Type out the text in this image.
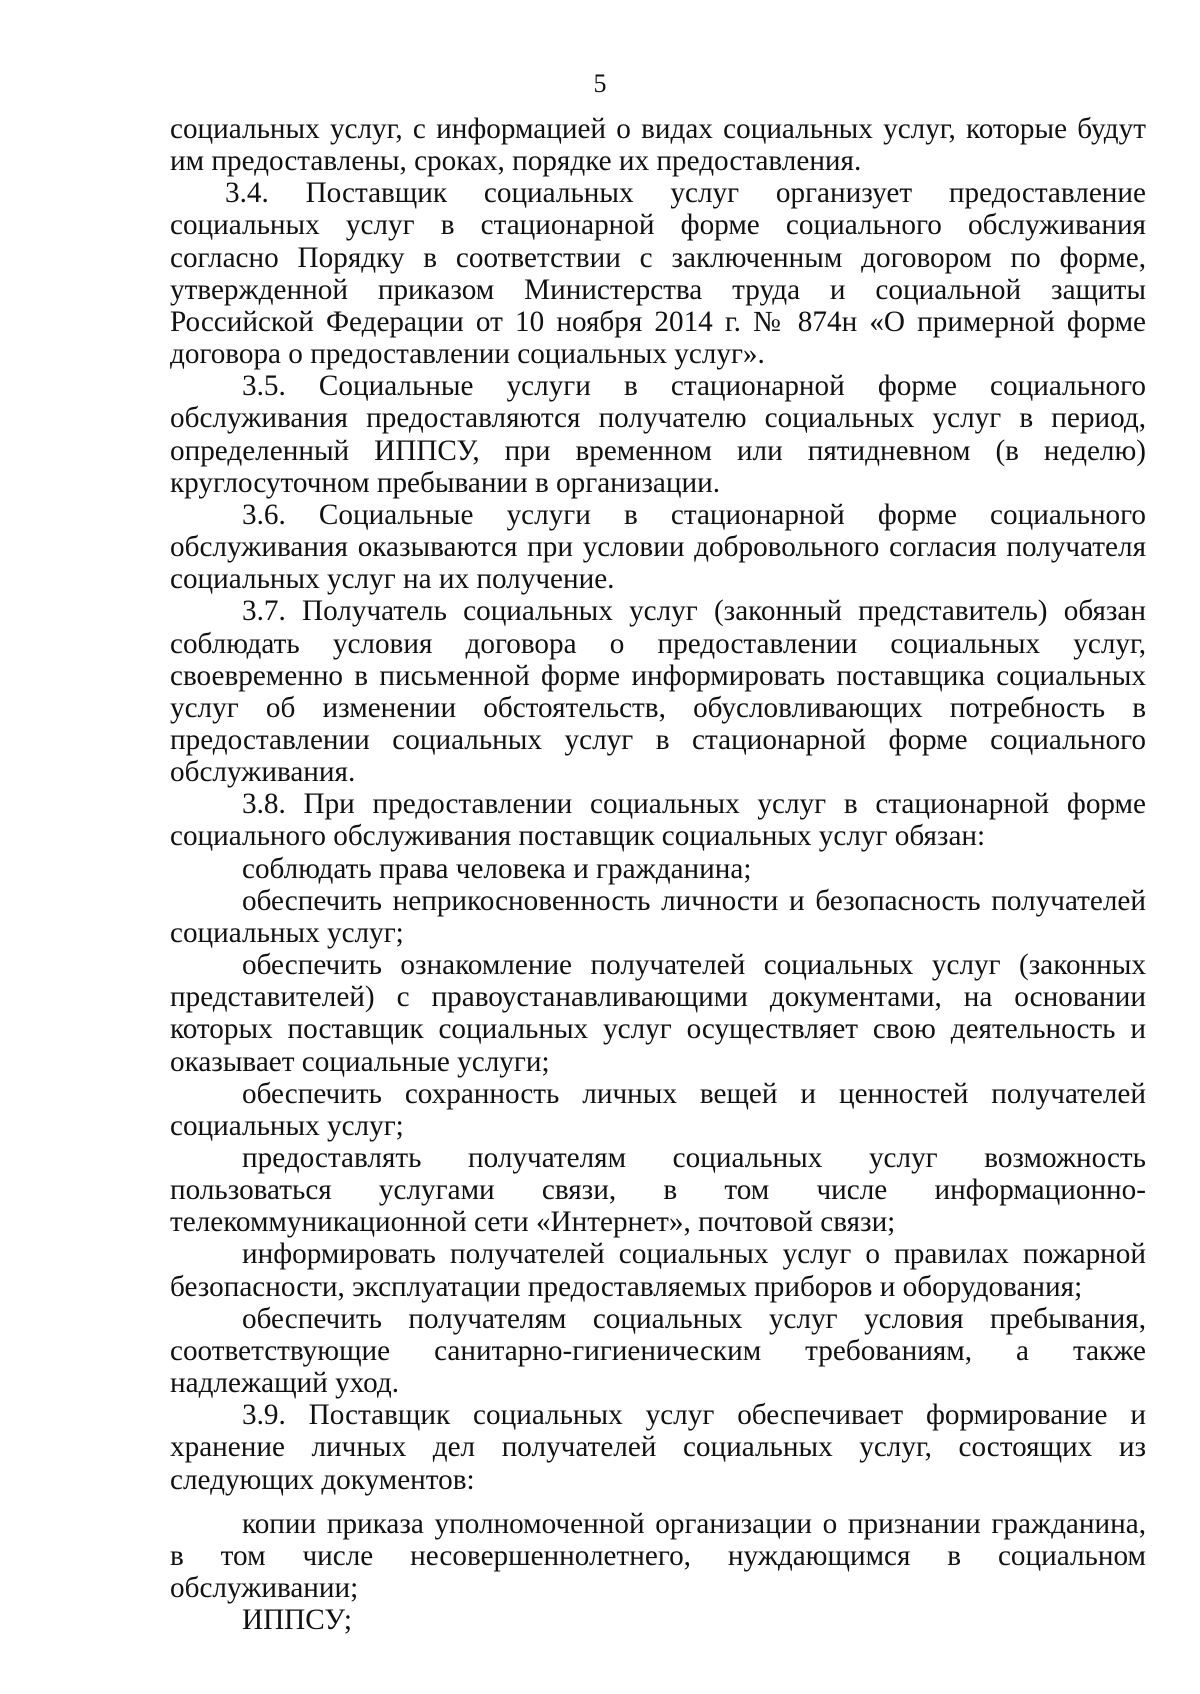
5

социальных услуг, с информацией о видах социальных услуг, которые будут им предоставлены, сроках, порядке их предоставления.

3.4. Поставщик социальных услуг организует предоставление социальных услуг в стационарной форме социального обслуживания согласно Порядку в соответствии с заключенным договором по форме, утвержденной приказом Министерства труда и социальной защиты Российской Федерации от 10 ноября 2014 г. № 874н «О примерной форме договора о предоставлении социальных услуг».

3.5. Социальные услуги в стационарной форме социального обслуживания предоставляются получателю социальных услуг в период, определенный ИППСУ, при временном или пятидневном (в неделю) круглосуточном пребывании в организации.

3.6. Социальные услуги в стационарной форме социального обслуживания оказываются при условии добровольного согласия получателя социальных услуг на их получение.

3.7. Получатель социальных услуг (законный представитель) обязан соблюдать условия договора о предоставлении социальных услуг, своевременно в письменной форме информировать поставщика социальных услуг об изменении обстоятельств, обусловливающих потребность в предоставлении социальных услуг в стационарной форме социального обслуживания.

3.8. При предоставлении социальных услуг в стационарной форме социального обслуживания поставщик социальных услуг обязан:

соблюдать права человека и гражданина;

обеспечить неприкосновенность личности и безопасность получателей социальных услуг;

обеспечить ознакомление получателей социальных услуг (законных представителей) с правоустанавливающими документами, на основании которых поставщик социальных услуг осуществляет свою деятельность и оказывает социальные услуги;

обеспечить сохранность личных вещей и ценностей получателей социальных услуг;

предоставлять получателям социальных услуг возможность пользоваться услугами связи, в том числе информационно-телекоммуникационной сети «Интернет», почтовой связи;

информировать получателей социальных услуг о правилах пожарной безопасности, эксплуатации предоставляемых приборов и оборудования;

обеспечить получателям социальных услуг условия пребывания, соответствующие санитарно-гигиеническим требованиям, а также надлежащий уход.

3.9. Поставщик социальных услуг обеспечивает формирование и хранение личных дел получателей социальных услуг, состоящих из следующих документов:

копии приказа уполномоченной организации о признании гражданина, в том числе несовершеннолетнего, нуждающимся в социальном обслуживании;

ИППСУ;
